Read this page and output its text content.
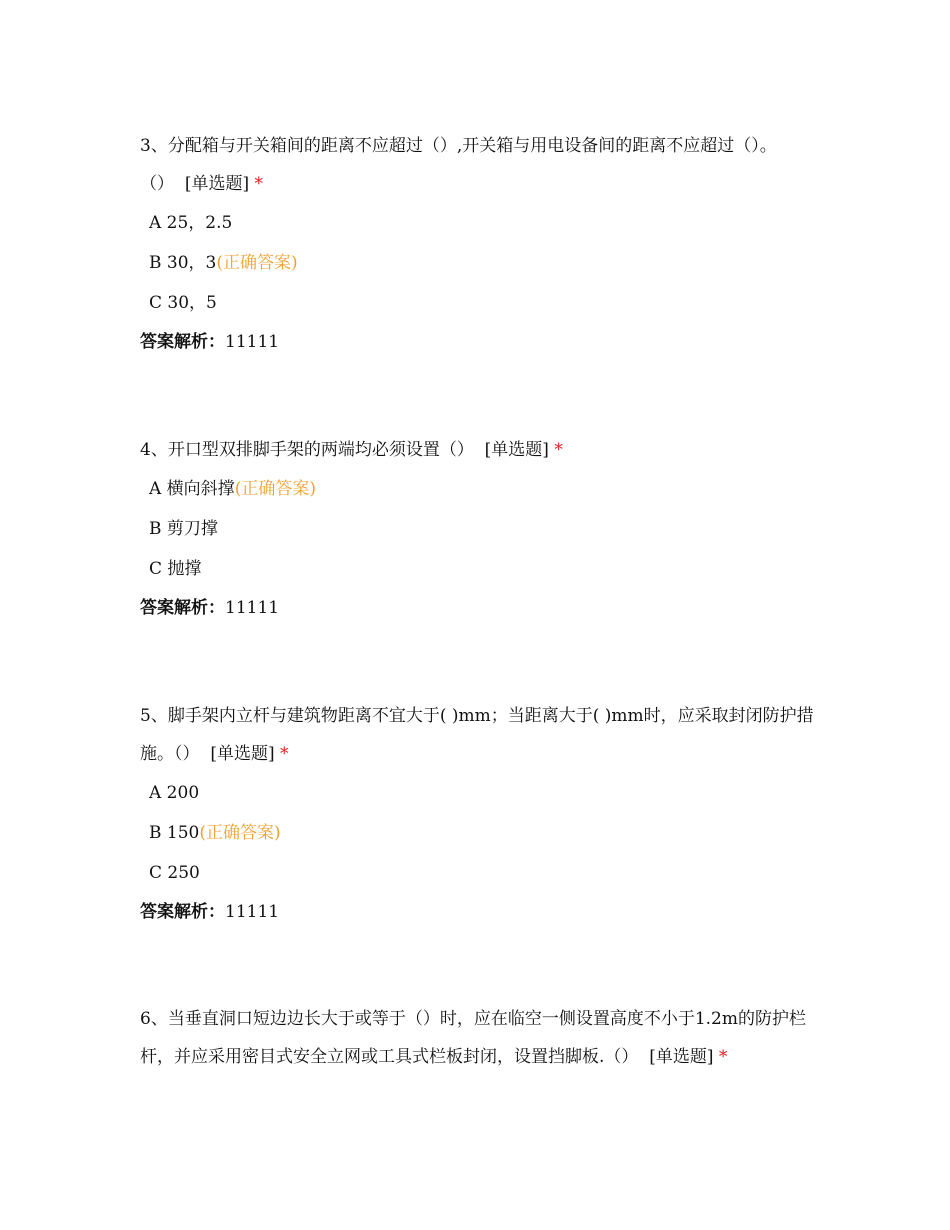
3、分配箱与开关箱间的距离不应超过（）,开关箱与用电设备间的距离不应超过（）。（） [单选题] *

A 25，2.5
B 30，3(正确答案)
C 30，5
答案解析：11111

4、开口型双排脚手架的两端均必须设置（） [单选题] *

A 横向斜撑(正确答案)
B 剪刀撑
C 抛撑
答案解析：11111

5、脚手架内立杆与建筑物距离不宜大于( )mm；当距离大于( )mm时，应采取封闭防护措施。（） [单选题] *

A 200
B 150(正确答案)
C 250
答案解析：11111

6、当垂直洞口短边边长大于或等于（）时，应在临空一侧设置高度不小于1.2m的防护栏杆，并应采用密目式安全立网或工具式栏板封闭，设置挡脚板.（） [单选题] *
